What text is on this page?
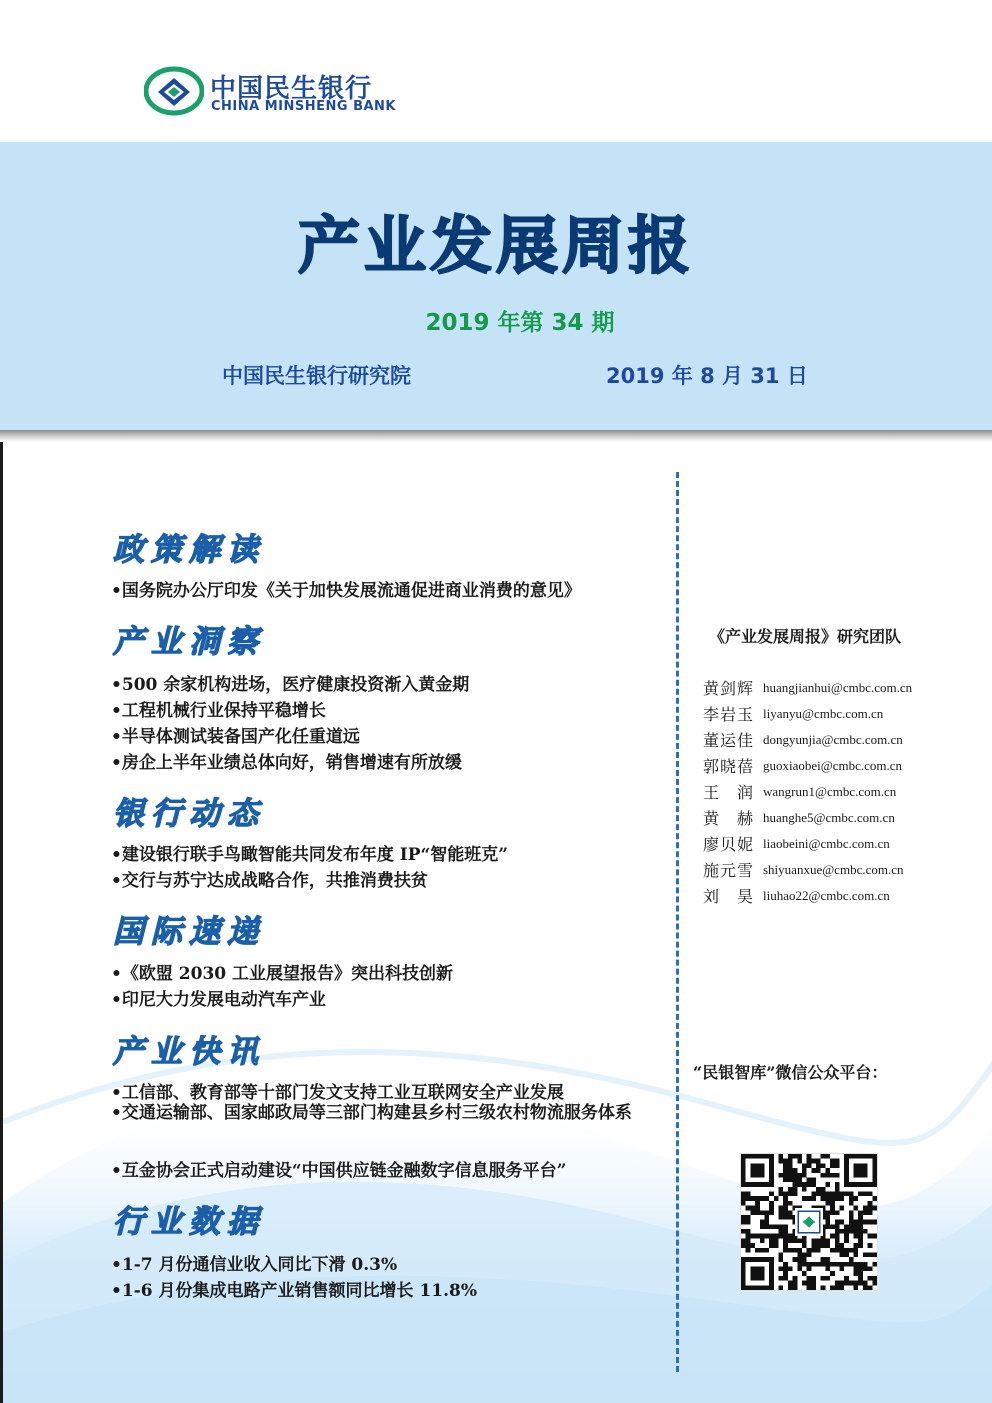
中国民生银行
CHINA MINSHENG BANK
产业发展周报
2019 年第 34 期
中国民生银行研究院	2019 年 8 月 31 日
政策解读
•国务院办公厅印发《关于加快发展流通促进商业消费的意见》
产业洞察
•500 余家机构进场，医疗健康投资渐入黄金期
•工程机械行业保持平稳增长
•半导体测试装备国产化任重道远
•房企上半年业绩总体向好，销售增速有所放缓
银行动态
•建设银行联手鸟瞰智能共同发布年度 IP“智能班克”
•交行与苏宁达成战略合作，共推消费扶贫
国际速递
•《欧盟 2030 工业展望报告》突出科技创新
•印尼大力发展电动汽车产业
产业快讯
•工信部、教育部等十部门发文支持工业互联网安全产业发展
•交通运输部、国家邮政局等三部门构建县乡村三级农村物流服务体系
•互金协会正式启动建设“中国供应链金融数字信息服务平台”
行业数据
•1-7 月份通信业收入同比下滑 0.3%
•1-6 月份集成电路产业销售额同比增长 11.8%
《产业发展周报》研究团队
黄剑辉 huangjianhui@cmbc.com.cn
李岩玉 liyanyu@cmbc.com.cn
董运佳 dongyunjia@cmbc.com.cn
郭晓蓓 guoxiaobei@cmbc.com.cn
王　润 wangrun1@cmbc.com.cn
黄　赫 huanghe5@cmbc.com.cn
廖贝妮 liaobeini@cmbc.com.cn
施元雪 shiyuanxue@cmbc.com.cn
刘　昊 liuhao22@cmbc.com.cn
“民银智库”微信公众平台：
